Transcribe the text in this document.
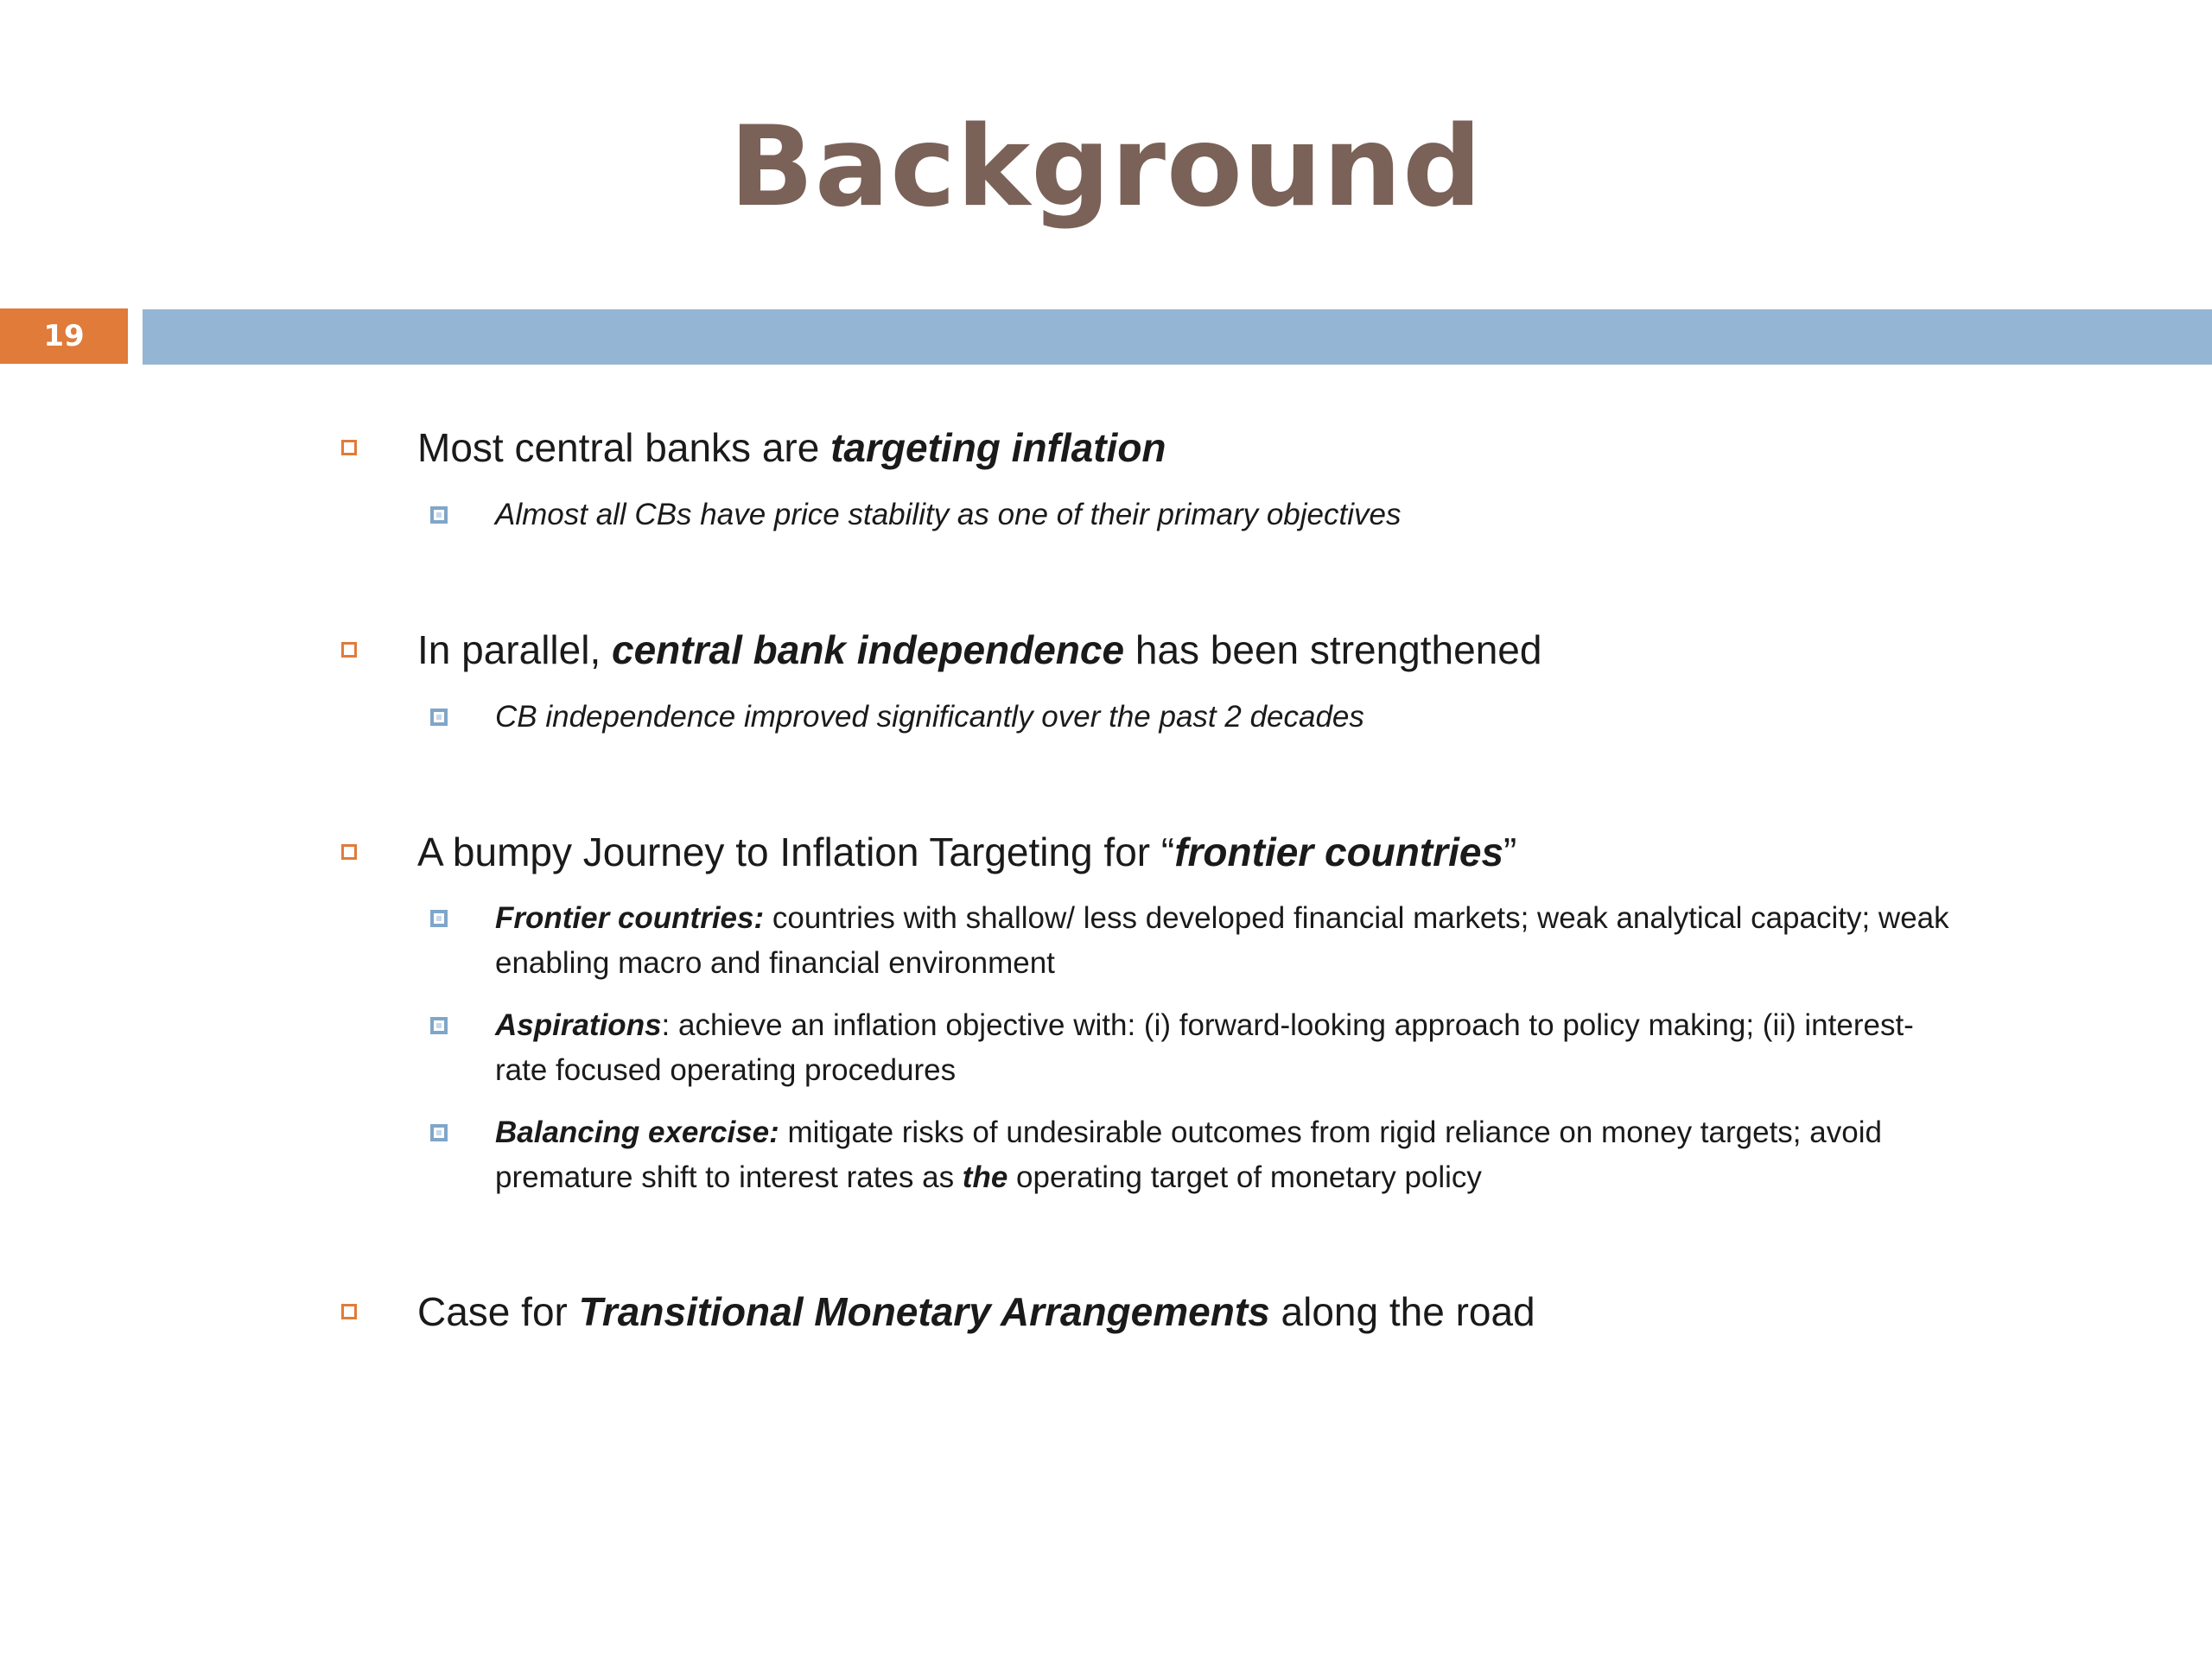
Background
19
Most central banks are targeting inflation
Almost all CBs have price stability as one of their primary objectives
In parallel, central bank independence has been strengthened
CB independence improved significantly over the past 2 decades
A bumpy Journey to Inflation Targeting for “frontier countries”
Frontier countries: countries with shallow/ less developed financial markets; weak analytical capacity; weak enabling macro and financial environment
Aspirations: achieve an inflation objective with: (i) forward-looking approach to policy making; (ii) interest-rate focused operating procedures
Balancing exercise: mitigate risks of undesirable outcomes from rigid reliance on money targets; avoid premature shift to interest rates as the operating target of monetary policy
Case for Transitional Monetary Arrangements along the road
